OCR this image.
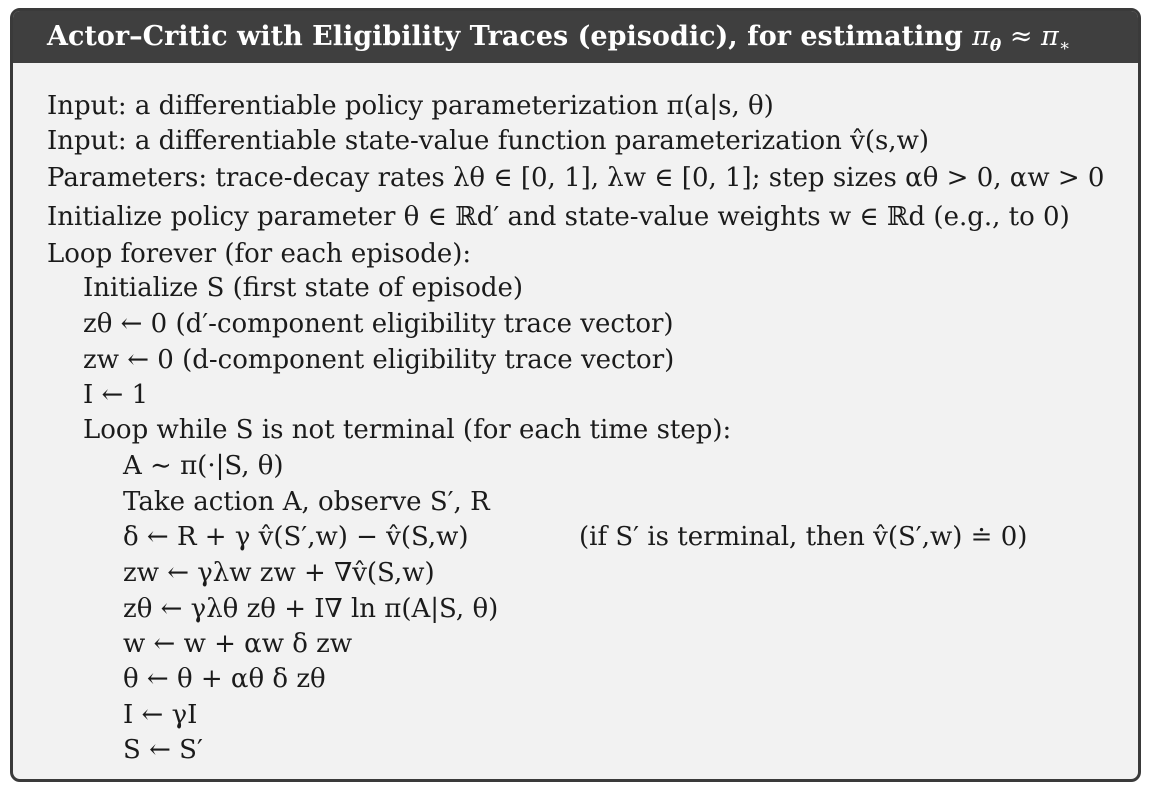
Actor–Critic with Eligibility Traces (episodic), for estimating $\pi_\theta \approx \pi_∗$
Input: a differentiable policy parameterization π(a|s, θ)
Input: a differentiable state-value function parameterization v̂(s,w)
Parameters: trace-decay rates λθ ∈ [0, 1], λw ∈ [0, 1]; step sizes αθ > 0, αw > 0
Initialize policy parameter θ ∈ ℝd′ and state-value weights w ∈ ℝd (e.g., to 0)
Loop forever (for each episode):
Initialize S (first state of episode)
zθ ← 0 (d′-component eligibility trace vector)
zw ← 0 (d-component eligibility trace vector)
I ← 1
Loop while S is not terminal (for each time step):
A ∼ π(·|S, θ)
Take action A, observe S′, R
δ ← R + γ v̂(S′,w) − v̂(S,w)	(if S′ is terminal, then v̂(S′,w) ≐ 0)
zw ← γλw zw + ∇v̂(S,w)
zθ ← γλθ zθ + I∇ ln π(A|S, θ)
w ← w + αw δ zw
θ ← θ + αθ δ zθ
I ← γI
S ← S′
